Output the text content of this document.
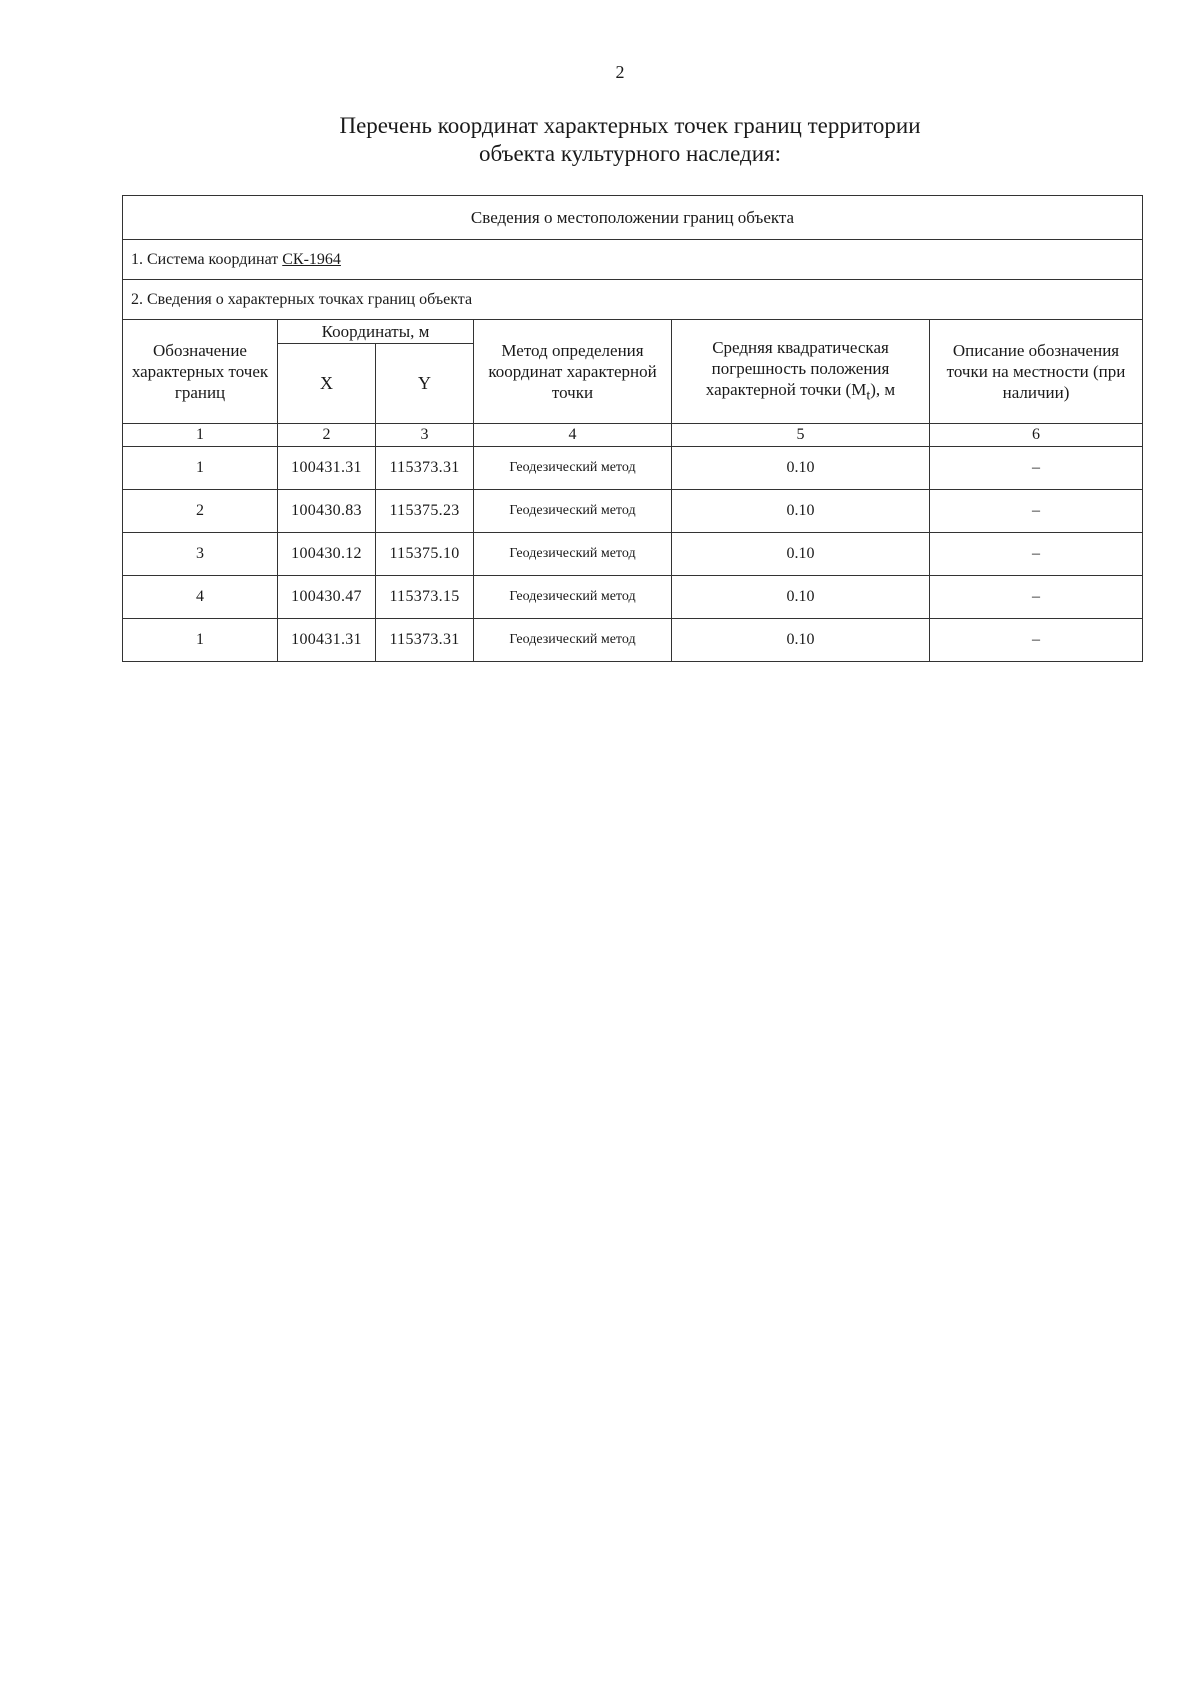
2
Перечень координат характерных точек границ территории
объекта культурного наследия:
Сведения о местоположении границ объекта					
1. Система координат СК-1964					
2. Сведения о характерных точках границ объекта					
Обозначение характерных точек границ	Координаты, м		Метод определения координат характерной точки	Средняя квадратическая погрешность положения характерной точки $(M_t)$, м	Описание обозначения точки на местности (при наличии)
	X	Y			
1	2	3	4	5	6
1	100431.31	115373.31	Геодезический метод	0.10	–
2	100430.83	115375.23	Геодезический метод	0.10	–
3	100430.12	115375.10	Геодезический метод	0.10	–
4	100430.47	115373.15	Геодезический метод	0.10	–
1	100431.31	115373.31	Геодезический метод	0.10	–
